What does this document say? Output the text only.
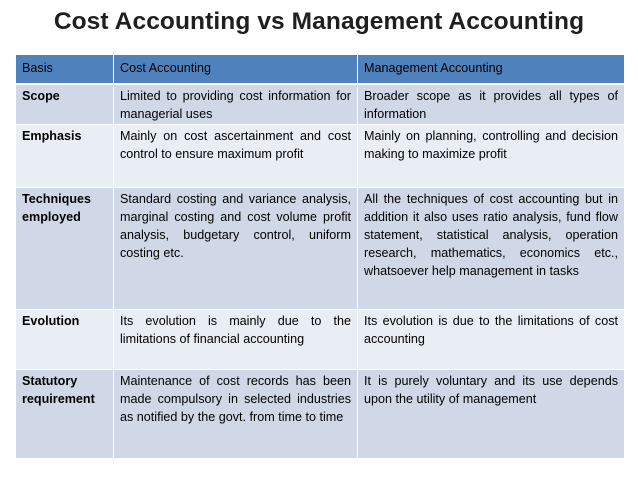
Cost Accounting vs Management Accounting
Basis	Cost Accounting	Management Accounting
Scope	Limited to providing cost information for managerial uses	Broader scope as it provides all types of information
Emphasis	Mainly on cost ascertainment and cost control to ensure maximum profit	Mainly on planning, controlling and decision making to maximize profit
Techniques employed	Standard costing and variance analysis, marginal costing and cost volume profit analysis, budgetary control, uniform costing etc.	All the techniques of cost accounting but in addition it also uses ratio analysis, fund flow statement, statistical analysis, operation research, mathematics, economics etc., whatsoever help management in tasks
Evolution	Its evolution is mainly due to the limitations of financial accounting	Its evolution is due to the limitations of cost accounting
Statutory requirement	Maintenance of cost records has been made compulsory in selected industries as notified by the govt. from time to time	It is purely voluntary and its use depends upon the utility of management
